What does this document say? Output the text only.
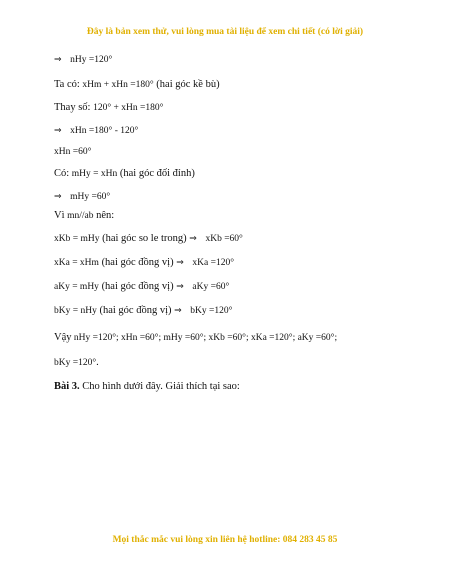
Đây là bản xem thử, vui lòng mua tài liệu để xem chi tiết (có lời giải)
⇒ nHy =120°
Ta có: xHm + xHn =180° (hai góc kề bù)
Thay số: 120° + xHn =180°
⇒ xHn =180° - 120°
xHn =60°
Có: mHy = xHn (hai góc đối đỉnh)
⇒ mHy =60°
Vì mn//ab nên:
xKb = mHy (hai góc so le trong) ⇒ xKb =60°
xKa = xHm (hai góc đồng vị) ⇒ xKa =120°
aKy = mHy (hai góc đồng vị) ⇒ aKy =60°
bKy = nHy (hai góc đồng vị) ⇒ bKy =120°
Vậy nHy =120°; xHn =60°; mHy =60°; xKb =60°; xKa =120°; aKy =60°;
bKy =120°.
Bài 3. Cho hình dưới đây. Giải thích tại sao:
Mọi thắc mắc vui lòng xin liên hệ hotline: 084 283 45 85
